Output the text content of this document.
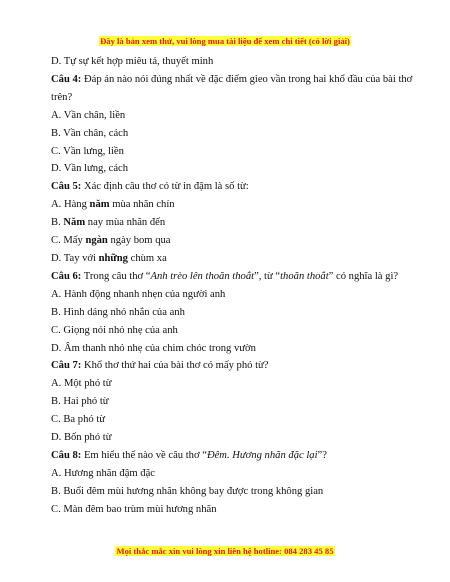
Đây là bản xem thử, vui lòng mua tài liệu để xem chi tiết (có lời giải)
D. Tự sự kết hợp miêu tả, thuyết minh
Câu 4: Đáp án nào nói đúng nhất về đặc điểm gieo vần trong hai khổ đầu của bài thơ trên?
A. Vần chân, liền
B. Vần chân, cách
C. Vần lưng, liền
D. Vần lưng, cách
Câu 5: Xác định câu thơ có từ in đậm là số từ:
A. Hàng năm mùa nhãn chín
B. Năm nay mùa nhãn đến
C. Mấy ngàn ngày bom qua
D. Tay với những chùm xa
Câu 6: Trong câu thơ “Anh trèo lên thoăn thoắt”, từ “thoăn thoắt” có nghĩa là gì?
A. Hành động nhanh nhẹn của người anh
B. Hình dáng nhỏ nhắn của anh
C. Giọng nói nhỏ nhẹ của anh
D. Âm thanh nhỏ nhẹ của chim chóc trong vườn
Câu 7: Khổ thơ thứ hai của bài thơ có mấy phó từ?
A. Một phó từ
B. Hai phó từ
C. Ba phó từ
D. Bốn phó từ
Câu 8: Em hiểu thế nào về câu thơ “Đêm. Hương nhãn đặc lại”?
A. Hương nhãn đậm đặc
B. Buổi đêm mùi hương nhãn không bay được trong không gian
C. Màn đêm bao trùm mùi hương nhãn
Mọi thắc mắc xin vui lòng xin liên hệ hotline: 084 283 45 85
